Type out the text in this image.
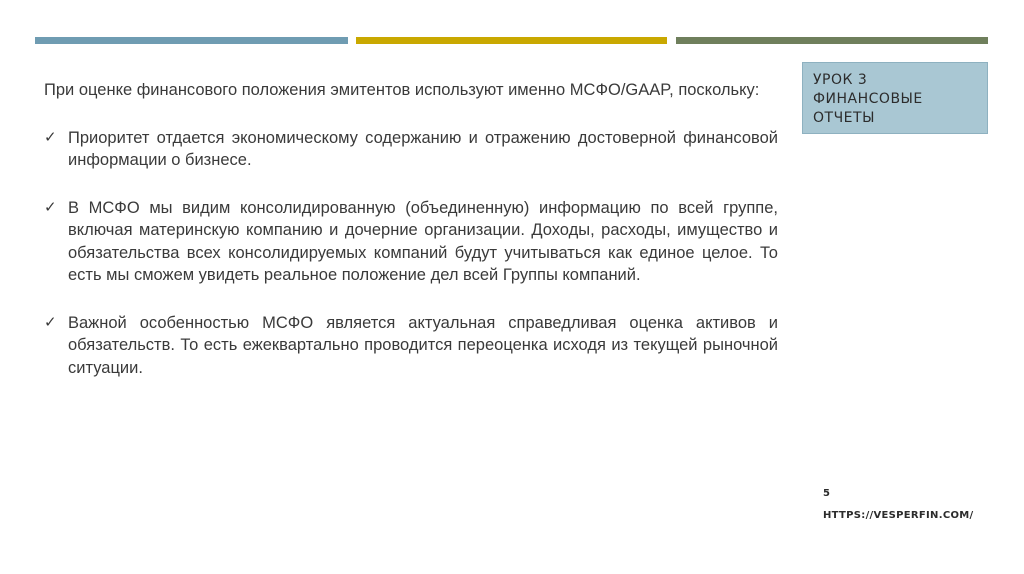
УРОК 3
ФИНАНСОВЫЕ
ОТЧЕТЫ

При оценке финансового положения эмитентов используют именно МСФО/GAAP, поскольку:

✓ Приоритет отдается экономическому содержанию и отражению достоверной финансовой информации о бизнесе.
✓ В МСФО мы видим консолидированную (объединенную) информацию по всей группе, включая материнскую компанию и дочерние организации. Доходы, расходы, имущество и обязательства всех консолидируемых компаний будут учитываться как единое целое. То есть мы сможем увидеть реальное положение дел всей Группы компаний.
✓ Важной особенностью МСФО является актуальная справедливая оценка активов и обязательств. То есть ежеквартально проводится переоценка исходя из текущей рыночной ситуации.
5
HTTPS://VESPERFIN.COM/
